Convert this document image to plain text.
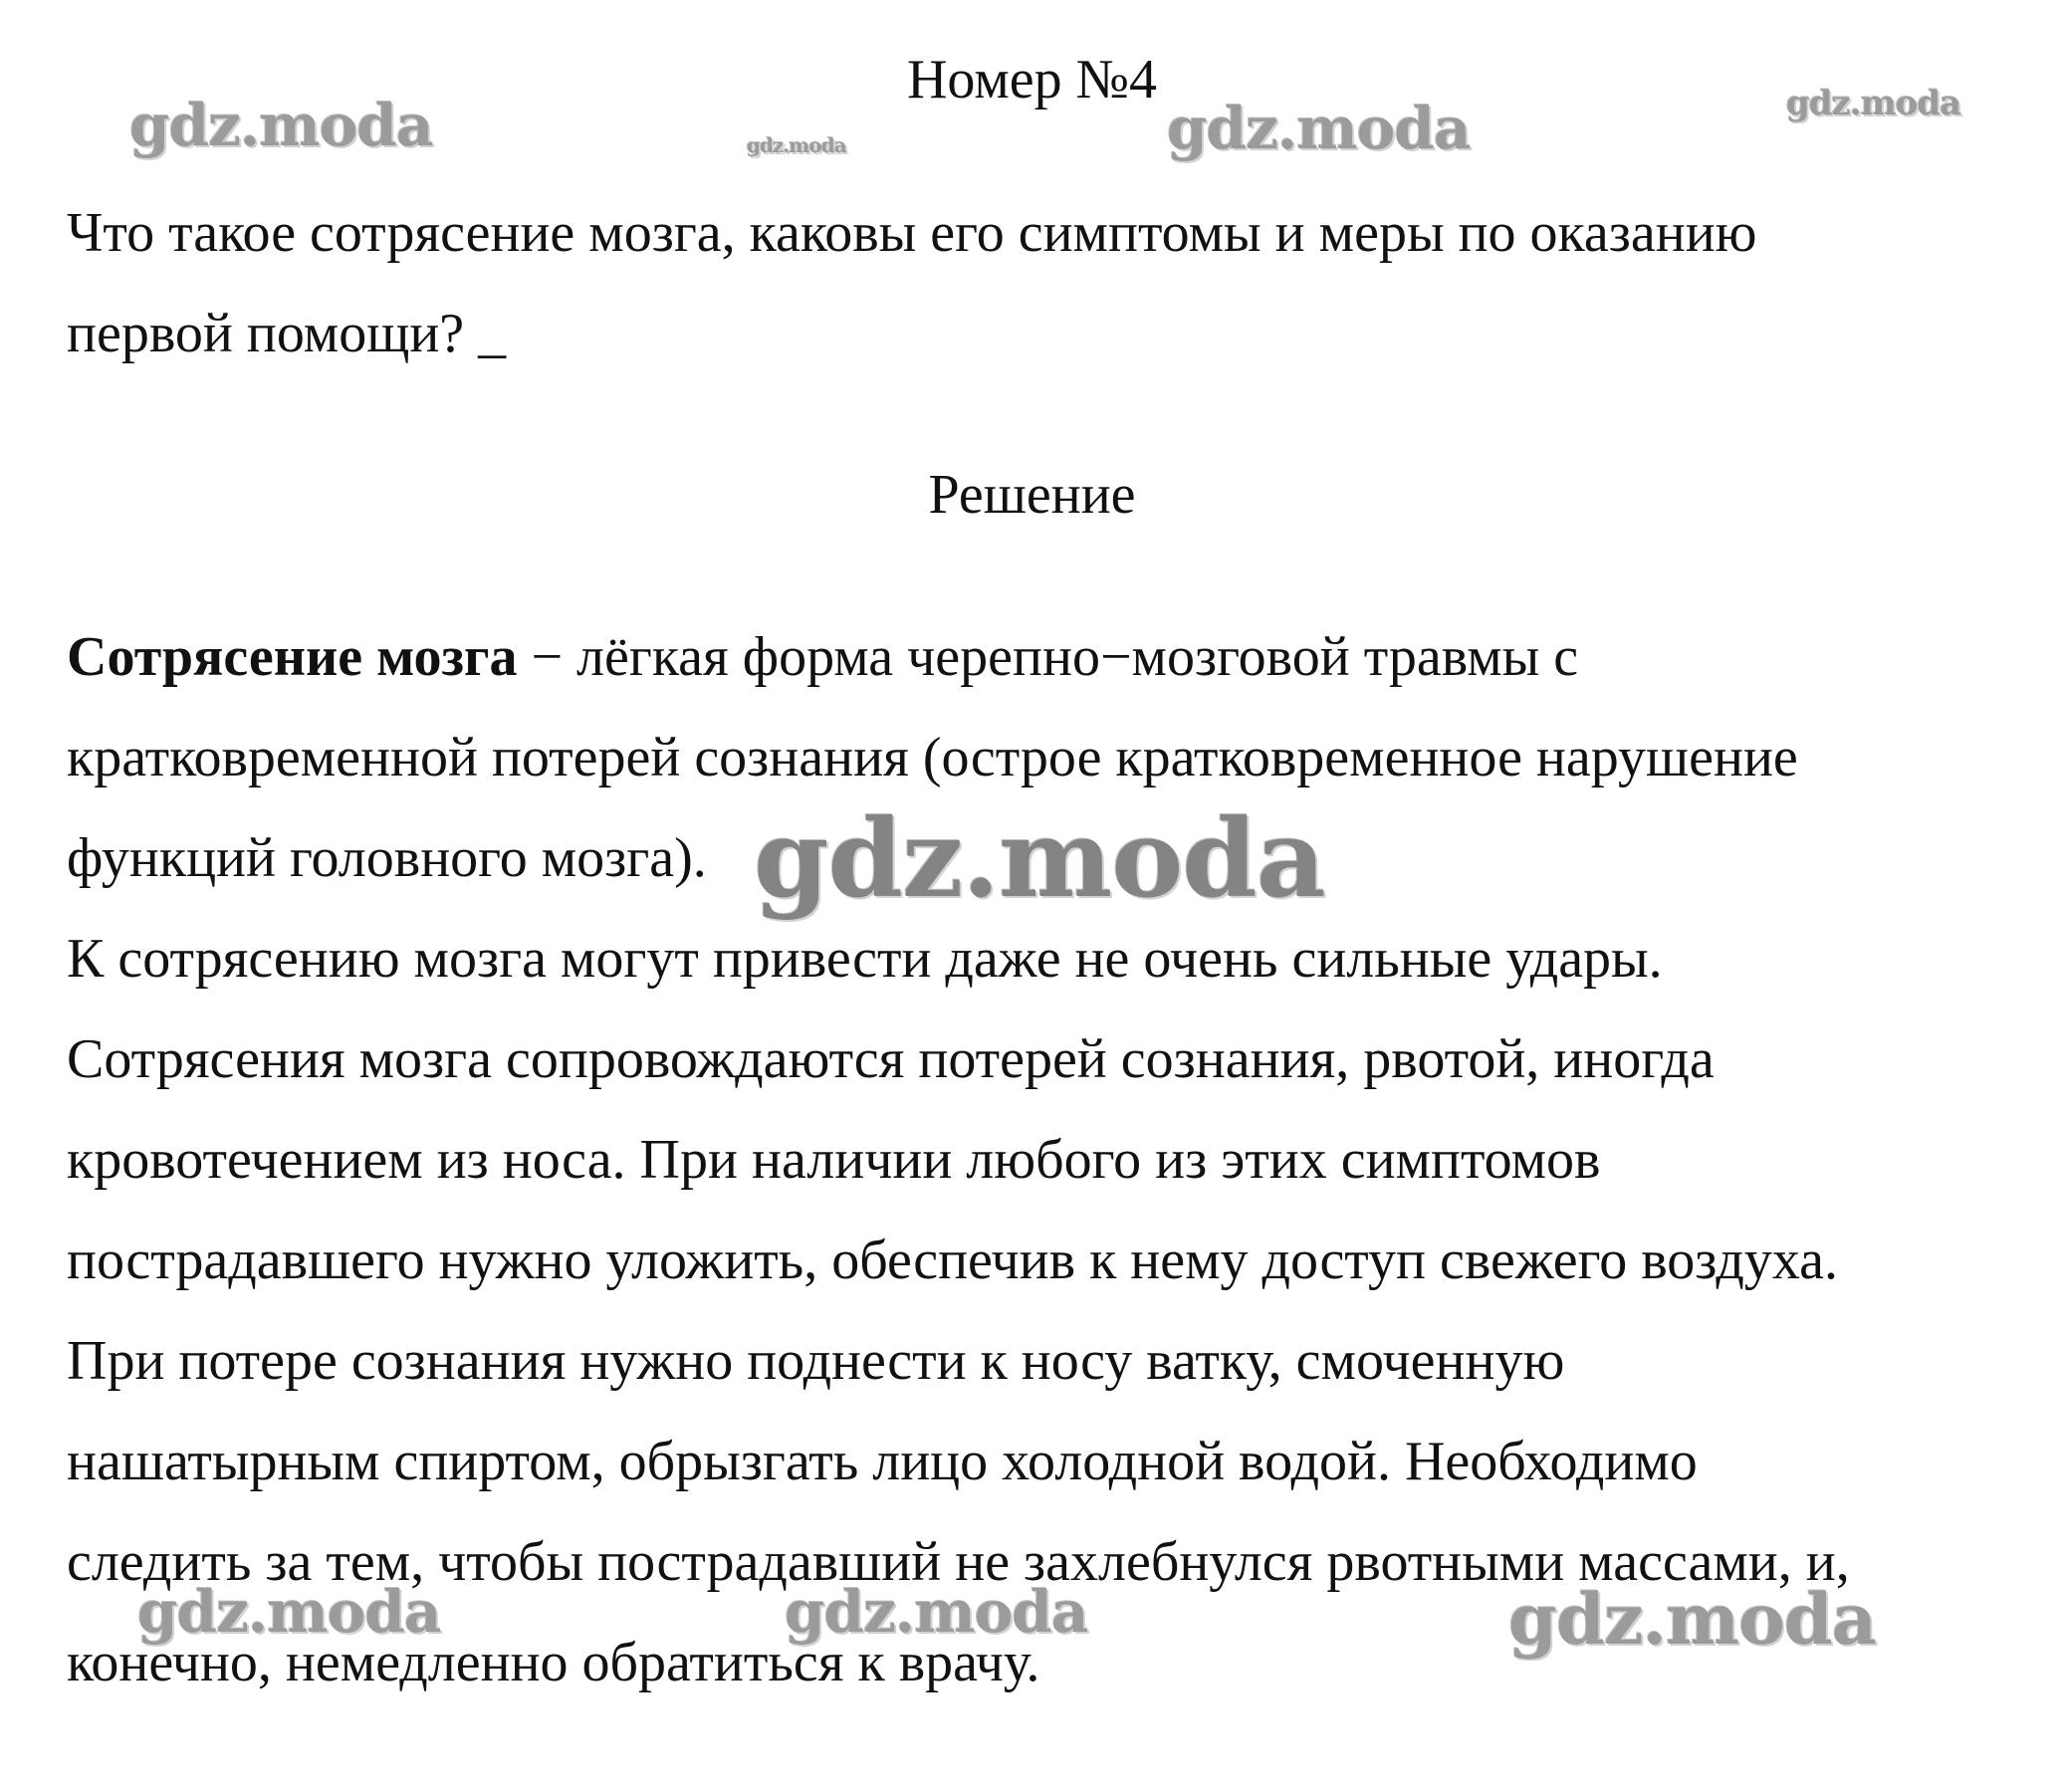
Номер №4
Что такое сотрясение мозга, каковы его симптомы и меры по оказанию
первой помощи? _
Решение
Сотрясение мозга − лёгкая форма черепно−мозговой травмы с
кратковременной потерей сознания (острое кратковременное нарушение
функций головного мозга).
К сотрясению мозга могут привести даже не очень сильные удары.
Сотрясения мозга сопровождаются потерей сознания, рвотой, иногда
кровотечением из носа. При наличии любого из этих симптомов
пострадавшего нужно уложить, обеспечив к нему доступ свежего воздуха.
При потере сознания нужно поднести к носу ватку, смоченную
нашатырным спиртом, обрызгать лицо холодной водой. Необходимо
следить за тем, чтобы пострадавший не захлебнулся рвотными массами, и,
конечно, немедленно обратиться к врачу.
gdz.moda	gdz.moda	gdz.moda	gdz.moda
gdz.moda
gdz.moda	gdz.moda	gdz.moda
